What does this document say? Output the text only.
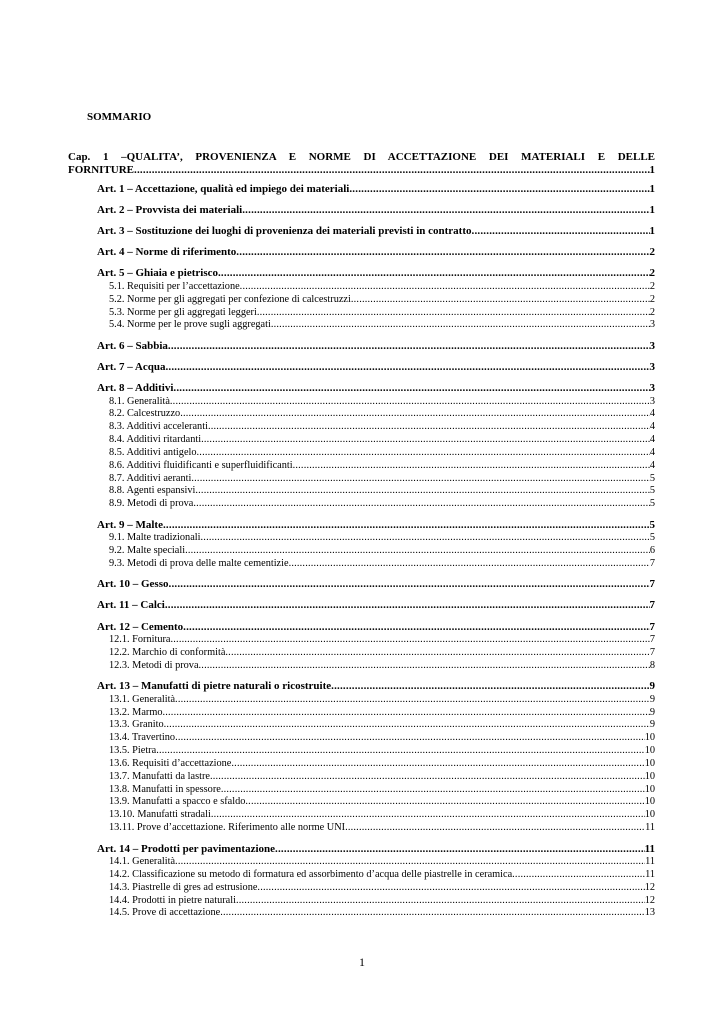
SOMMARIO
Cap. 1 –QUALITA’, PROVENIENZA E NORME DI ACCETTAZIONE DEI MATERIALI E DELLE
FORNITURE .....	1
Art. 1 – Accettazione, qualità ed impiego dei materiali .....	1
Art. 2 – Provvista dei materiali .....	1
Art. 3 – Sostituzione dei luoghi di provenienza dei materiali previsti in contratto .....	1
Art. 4 – Norme di riferimento .....	2
Art. 5 – Ghiaia e pietrisco .....	2
5.1. Requisiti per l’accettazione .....	2
5.2. Norme per gli aggregati per confezione di calcestruzzi .....	2
5.3. Norme per gli aggregati leggeri .....	2
5.4. Norme per le prove sugli aggregati .....	3
Art. 6 – Sabbia .....	3
Art. 7 – Acqua .....	3
Art. 8 – Additivi .....	3
8.1. Generalità .....	3
8.2. Calcestruzzo .....	4
8.3. Additivi acceleranti .....	4
8.4. Additivi ritardanti .....	4
8.5. Additivi antigelo .....	4
8.6. Additivi fluidificanti e superfluidificanti .....	4
8.7. Additivi aeranti .....	5
8.8. Agenti espansivi .....	5
8.9. Metodi di prova .....	5
Art. 9 – Malte .....	5
9.1. Malte tradizionali .....	5
9.2. Malte speciali .....	6
9.3. Metodi di prova delle malte cementizie .....	7
Art. 10 – Gesso .....	7
Art. 11 – Calci .....	7
Art. 12 – Cemento .....	7
12.1. Fornitura .....	7
12.2. Marchio di conformità .....	7
12.3. Metodi di prova .....	8
Art. 13 – Manufatti di pietre naturali o ricostruite .....	9
13.1. Generalità .....	9
13.2. Marmo .....	9
13.3. Granito .....	9
13.4. Travertino .....	10
13.5. Pietra .....	10
13.6. Requisiti d’accettazione .....	10
13.7. Manufatti da lastre .....	10
13.8. Manufatti in spessore .....	10
13.9. Manufatti a spacco e sfaldo .....	10
13.10. Manufatti stradali .....	10
13.11. Prove d’accettazione. Riferimento alle norme UNI .....	11
Art. 14 – Prodotti per pavimentazione .....	11
14.1. Generalità .....	11
14.2. Classificazione su metodo di formatura ed assorbimento d’acqua delle piastrelle in ceramica .....	11
14.3. Piastrelle di gres ad estrusione .....	12
14.4. Prodotti in pietre naturali .....	12
14.5. Prove di accettazione .....	13
1
